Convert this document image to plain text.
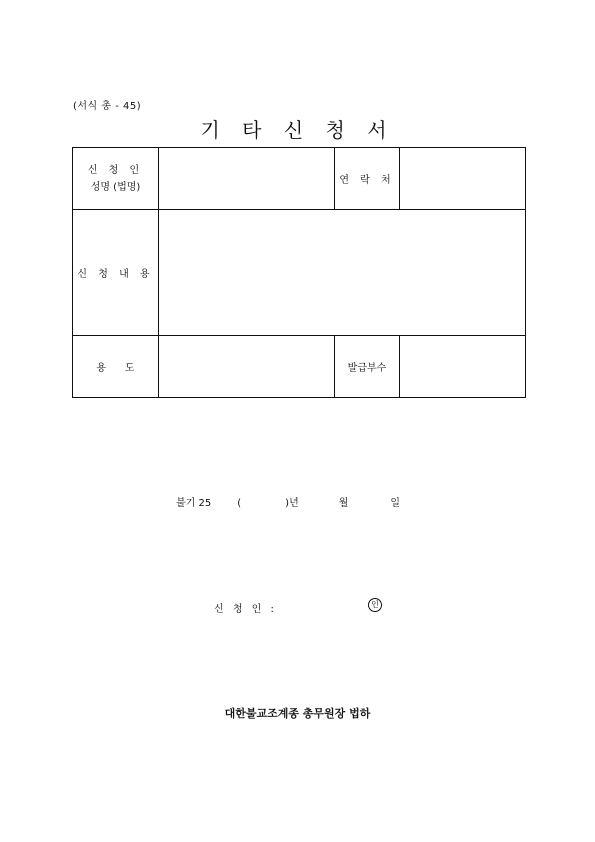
(서식 총 - 45)
기 타 신 청 서
신 청 인
성명 (법명)		연 락 처	
신 청 내 용			

용 도		발급부수	
불기 25	(	)년	월	일
신 청 인 :	인
대한불교조계종 총무원장 법하
